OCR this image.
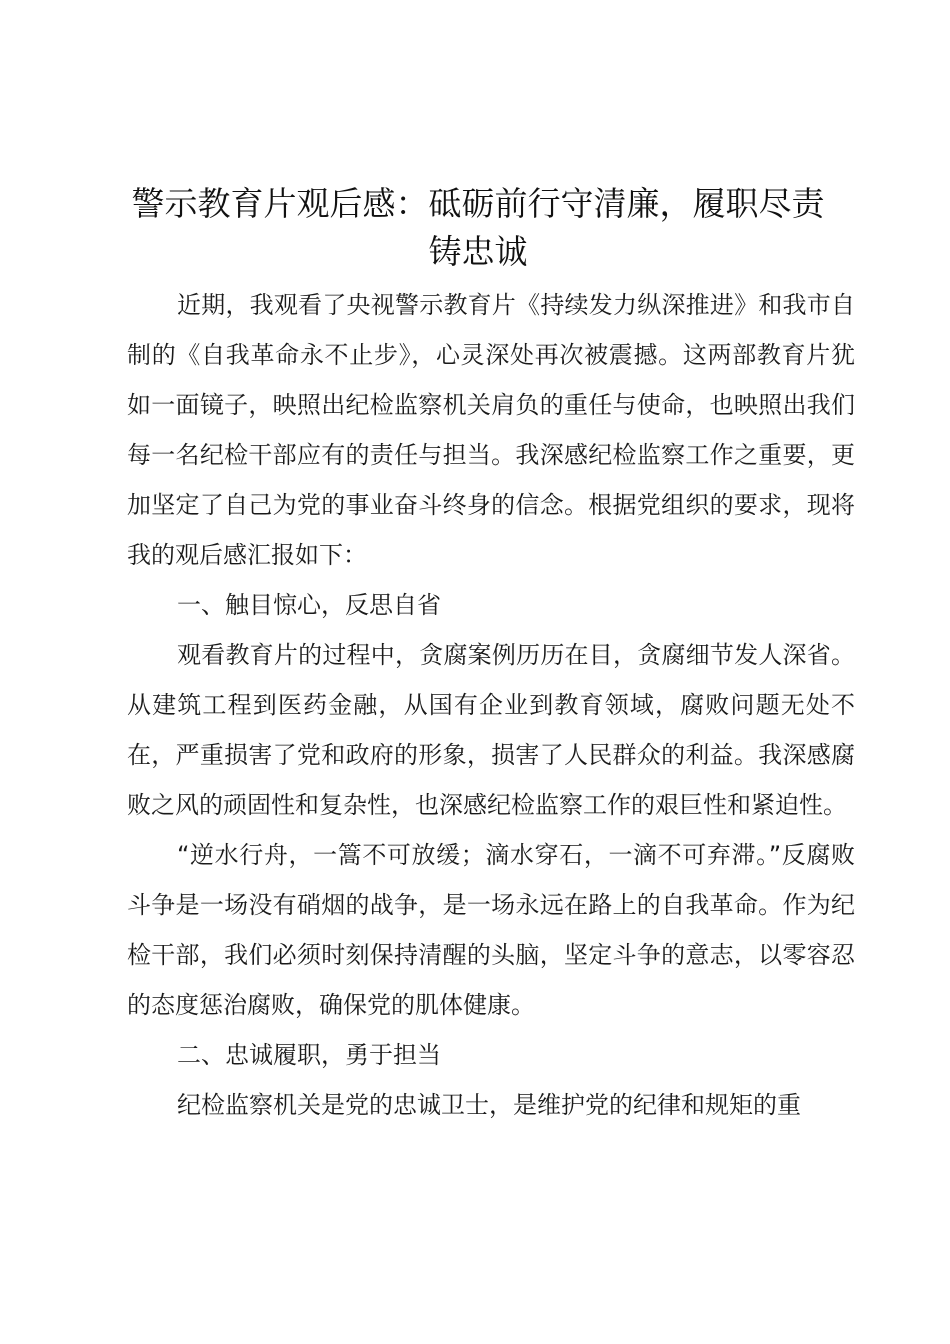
警示教育片观后感：砥砺前行守清廉，履职尽责铸忠诚

近期，我观看了央视警示教育片《持续发力纵深推进》和我市自制的《自我革命永不止步》，心灵深处再次被震撼。这两部教育片犹如一面镜子，映照出纪检监察机关肩负的重任与使命，也映照出我们每一名纪检干部应有的责任与担当。我深感纪检监察工作之重要，更加坚定了自己为党的事业奋斗终身的信念。根据党组织的要求，现将我的观后感汇报如下：

一、触目惊心，反思自省

观看教育片的过程中，贪腐案例历历在目，贪腐细节发人深省。从建筑工程到医药金融，从国有企业到教育领域，腐败问题无处不在，严重损害了党和政府的形象，损害了人民群众的利益。我深感腐败之风的顽固性和复杂性，也深感纪检监察工作的艰巨性和紧迫性。

“逆水行舟，一篙不可放缓；滴水穿石，一滴不可弃滞。”反腐败斗争是一场没有硝烟的战争，是一场永远在路上的自我革命。作为纪检干部，我们必须时刻保持清醒的头脑，坚定斗争的意志，以零容忍的态度惩治腐败，确保党的肌体健康。

二、忠诚履职，勇于担当

纪检监察机关是党的忠诚卫士，是维护党的纪律和规矩的重
